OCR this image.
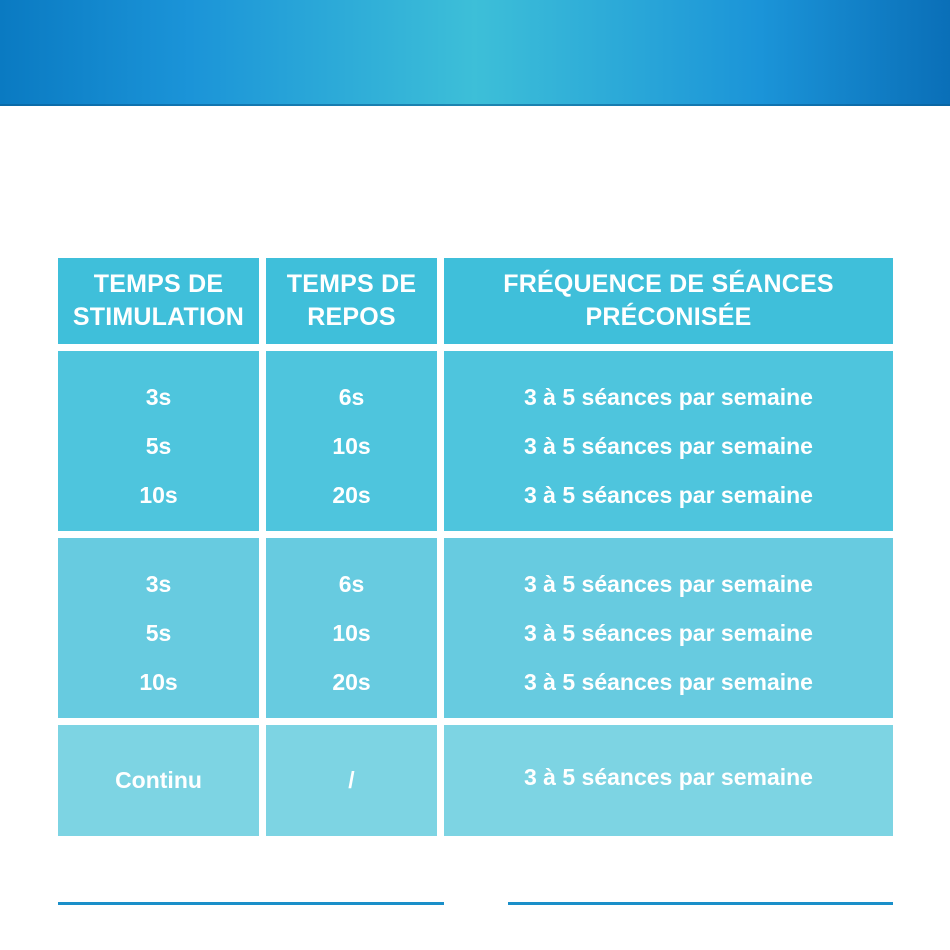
TEMPS DE
STIMULATION
TEMPS DE
REPOS
FRÉQUENCE DE SÉANCES
PRÉCONISÉE
3s
5s
10s
6s
10s
20s
3 à 5 séances par semaine
3 à 5 séances par semaine
3 à 5 séances par semaine
3s
5s
10s
6s
10s
20s
3 à 5 séances par semaine
3 à 5 séances par semaine
3 à 5 séances par semaine
Continu	/	3 à 5 séances par semaine
